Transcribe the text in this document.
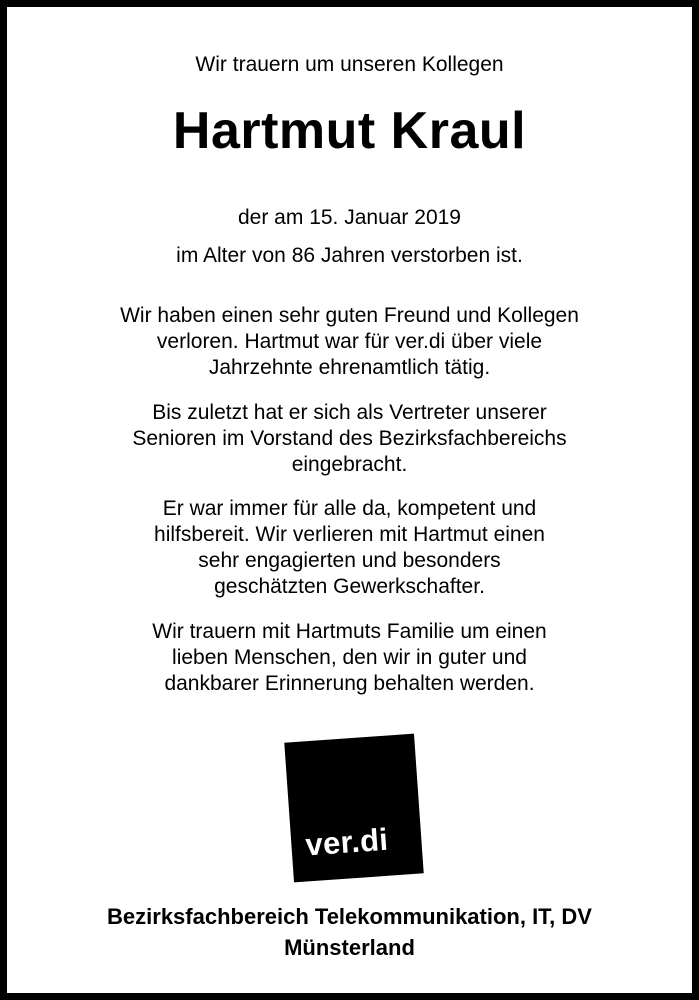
Wir trauern um unseren Kollegen

Hartmut Kraul

der am 15. Januar 2019

im Alter von 86 Jahren verstorben ist.

Wir haben einen sehr guten Freund und Kollegen
verloren. Hartmut war für ver.di über viele
Jahrzehnte ehrenamtlich tätig.
Bis zuletzt hat er sich als Vertreter unserer
Senioren im Vorstand des Bezirksfachbereichs
eingebracht.
Er war immer für alle da, kompetent und
hilfsbereit. Wir verlieren mit Hartmut einen
sehr engagierten und besonders
geschätzten Gewerkschafter.
Wir trauern mit Hartmuts Familie um einen
lieben Menschen, den wir in guter und
dankbarer Erinnerung behalten werden.
ver.di
Bezirksfachbereich Telekommunikation, IT, DV
Münsterland
